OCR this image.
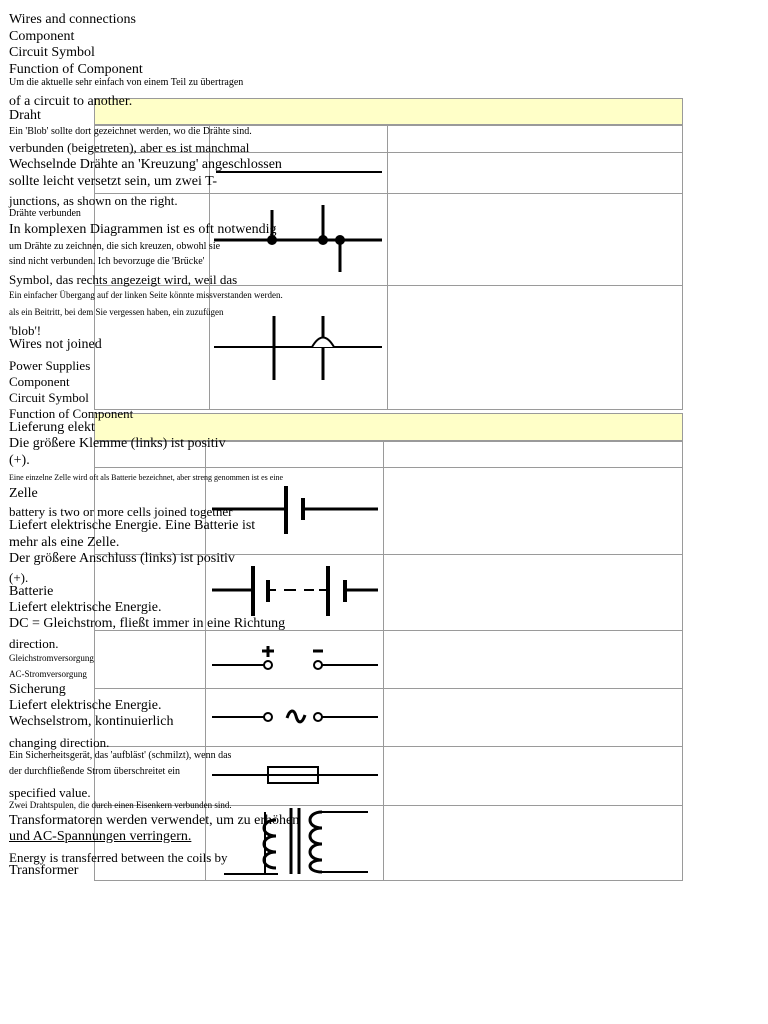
Wires and connections
Component
Circuit Symbol
Function of Component
Um die aktuelle sehr einfach von einem Teil zu übertragen
of a circuit to another.
Draht
Ein 'Blob' sollte dort gezeichnet werden, wo die Drähte sind.
verbunden (beigetreten), aber es ist manchmal
Wechselnde Drähte an 'Kreuzung' angeschlossen
sollte leicht versetzt sein, um zwei T-
junctions, as shown on the right.
Drähte verbunden
In komplexen Diagrammen ist es oft notwendig
um Drähte zu zeichnen, die sich kreuzen, obwohl sie
sind nicht verbunden. Ich bevorzuge die 'Brücke'
Symbol, das rechts angezeigt wird, weil das
Ein einfacher Übergang auf der linken Seite könnte missverstanden werden.
als ein Beitritt, bei dem Sie vergessen haben, ein zuzufügen
'blob'!
Wires not joined
Power Supplies
Component
Circuit Symbol
Function of Component
Lieferung elekt
Die größere Klemme (links) ist positiv
(+).
Eine einzelne Zelle wird oft als Batterie bezeichnet, aber streng genommen ist es eine
Zelle
battery is two or more cells joined together
Liefert elektrische Energie. Eine Batterie ist
mehr als eine Zelle.
Der größere Anschluss (links) ist positiv
(+).
Batterie
Liefert elektrische Energie.
DC = Gleichstrom, fließt immer in eine Richtung
direction.
Gleichstromversorgung
AC-Stromversorgung
Sicherung
Liefert elektrische Energie.
Wechselstrom, kontinuierlich
changing direction.
Ein Sicherheitsgerät, das 'aufbläst' (schmilzt), wenn das
der durchfließende Strom überschreitet ein
specified value.
Zwei Drahtspulen, die durch einen Eisenkern verbunden sind.
Transformatoren werden verwendet, um zu erhöhen
und AC-Spannungen verringern.
Energy is transferred between the coils by
Transformer
